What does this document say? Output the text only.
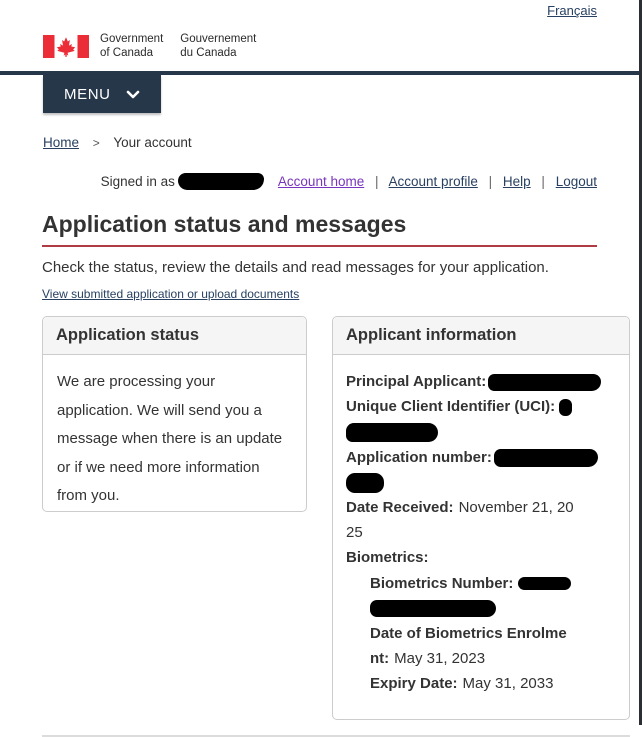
Français
Government
of Canada
Gouvernement
du Canada
MENU
Home > Your account
Signed in as	Account home | Account profile | Help | Logout
Application status and messages

Check the status, review the details and read messages for your application.

View submitted application or upload documents
Application status
We are processing your application. We will send you a message when there is an update or if we need more information from you.
Applicant information
Principal Applicant:
Unique Client Identifier (UCI):
Application number:
Date Received: November 21, 20
25
Biometrics:
Biometrics Number:
Date of Biometrics Enrolme
nt: May 31, 2023
Expiry Date: May 31, 2033
